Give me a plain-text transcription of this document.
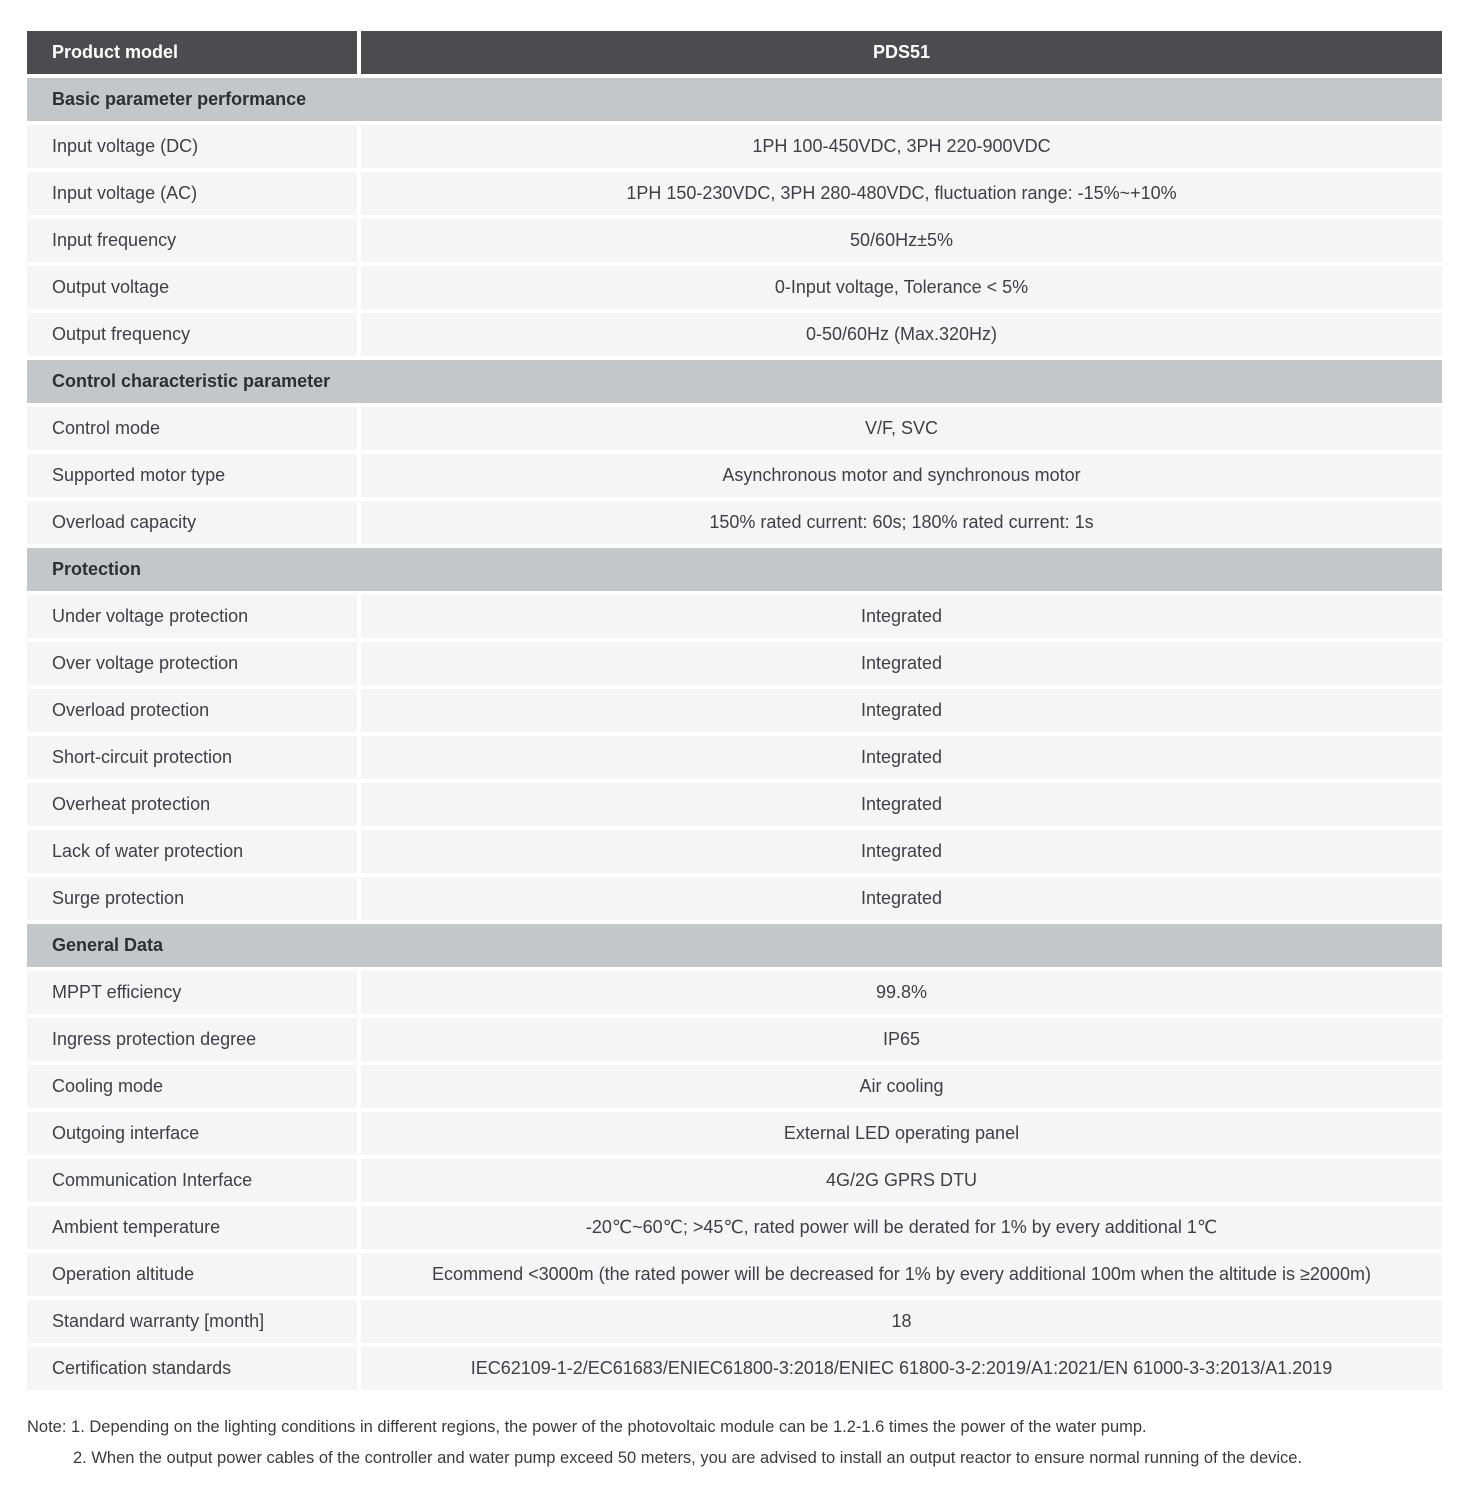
Product model	PDS51
Basic parameter performance
Input voltage (DC)	1PH 100-450VDC, 3PH 220-900VDC
Input voltage (AC)	1PH 150-230VDC, 3PH 280-480VDC, fluctuation range: -15%~+10%
Input frequency	50/60Hz±5%
Output voltage	0-Input voltage, Tolerance < 5%
Output frequency	0-50/60Hz (Max.320Hz)
Control characteristic parameter
Control mode	V/F, SVC
Supported motor type	Asynchronous motor and synchronous motor
Overload capacity	150% rated current: 60s; 180% rated current: 1s
Protection
Under voltage protection	Integrated
Over voltage protection	Integrated
Overload protection	Integrated
Short-circuit protection	Integrated
Overheat protection	Integrated
Lack of water protection	Integrated
Surge protection	Integrated
General Data
MPPT efficiency	99.8%
Ingress protection degree	IP65
Cooling mode	Air cooling
Outgoing interface	External LED operating panel
Communication Interface	4G/2G GPRS DTU
Ambient temperature	-20℃~60℃; >45℃, rated power will be derated for 1% by every additional 1℃
Operation altitude	Ecommend <3000m (the rated power will be decreased for 1% by every additional 100m when the altitude is ≥2000m)
Standard warranty [month]	18
Certification standards	IEC62109-1-2/EC61683/ENIEC61800-3:2018/ENIEC 61800-3-2:2019/A1:2021/EN 61000-3-3:2013/A1.2019
Note: 1. Depending on the lighting conditions in different regions, the power of the photovoltaic module can be 1.2-1.6 times the power of the water pump.
2. When the output power cables of the controller and water pump exceed 50 meters, you are advised to install an output reactor to ensure normal running of the device.
